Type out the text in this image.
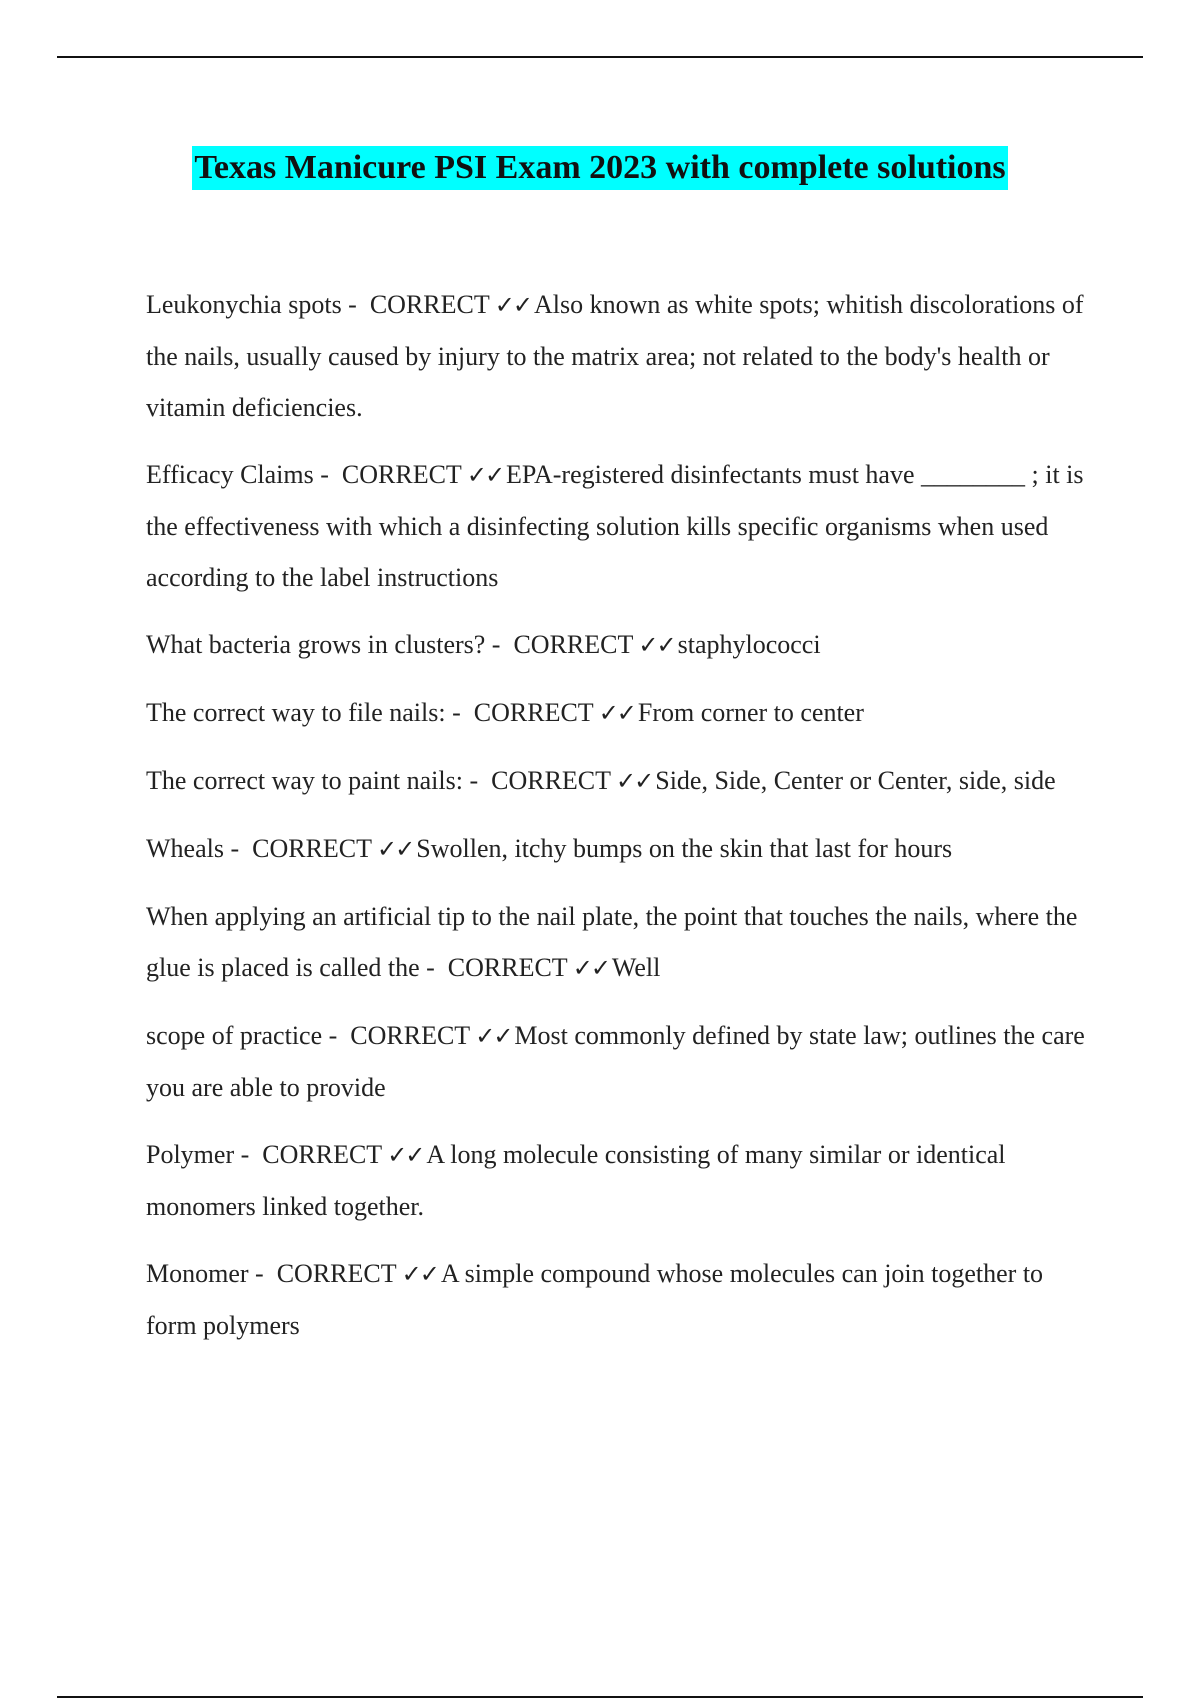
Texas Manicure PSI Exam 2023 with complete solutions

Leukonychia spots - CORRECT ✓✓ Also known as white spots; whitish discolorations of the nails, usually caused by injury to the matrix area; not related to the body's health or vitamin deficiencies.

Efficacy Claims - CORRECT ✓✓ EPA-registered disinfectants must have ________ ; it is the effectiveness with which a disinfecting solution kills specific organisms when used according to the label instructions

What bacteria grows in clusters? - CORRECT ✓✓ staphylococci

The correct way to file nails: - CORRECT ✓✓ From corner to center

The correct way to paint nails: - CORRECT ✓✓ Side, Side, Center or Center, side, side

Wheals - CORRECT ✓✓ Swollen, itchy bumps on the skin that last for hours

When applying an artificial tip to the nail plate, the point that touches the nails, where the glue is placed is called the - CORRECT ✓✓ Well

scope of practice - CORRECT ✓✓ Most commonly defined by state law; outlines the care you are able to provide

Polymer - CORRECT ✓✓ A long molecule consisting of many similar or identical monomers linked together.

Monomer - CORRECT ✓✓ A simple compound whose molecules can join together to form polymers
